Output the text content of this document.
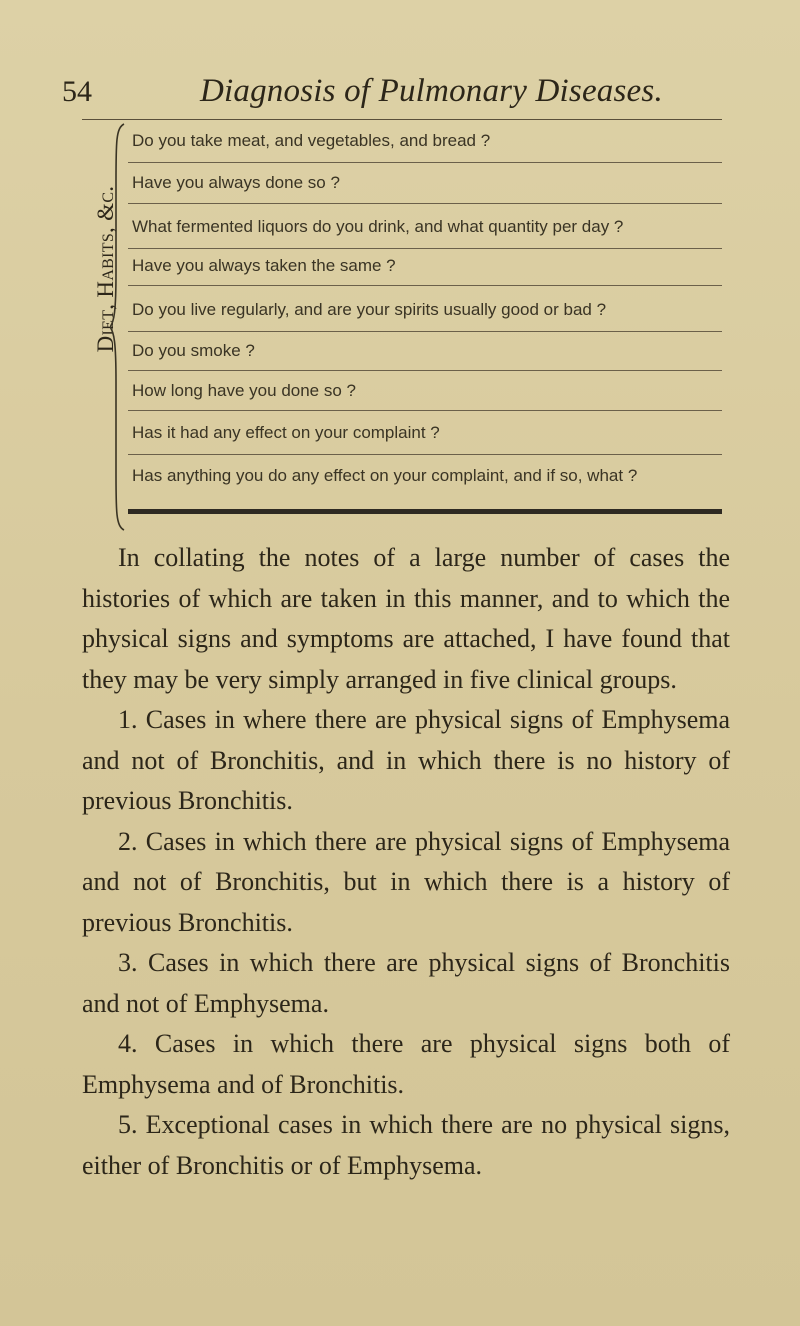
54	Diagnosis of Pulmonary Diseases.
Diet, Habits, &c.
Do you take meat, and vegetables, and bread ?
Have you always done so ?
What fermented liquors do you drink, and what quantity per day ?
Have you always taken the same ?
Do you live regularly, and are your spirits usually good or bad ?
Do you smoke ?
How long have you done so ?
Has it had any effect on your complaint ?
Has anything you do any effect on your complaint, and if so, what ?

In collating the notes of a large number of cases the histories of which are taken in this manner, and to which the physical signs and symptoms are attached, I have found that they may be very simply arranged in five clinical groups.

1. Cases in where there are physical signs of Emphysema and not of Bronchitis, and in which there is no history of previous Bronchitis.

2. Cases in which there are physical signs of Emphysema and not of Bronchitis, but in which there is a history of previous Bronchitis.

3. Cases in which there are physical signs of Bronchitis and not of Emphysema.

4. Cases in which there are physical signs both of Emphysema and of Bronchitis.

5. Exceptional cases in which there are no physical signs, either of Bronchitis or of Emphysema.
